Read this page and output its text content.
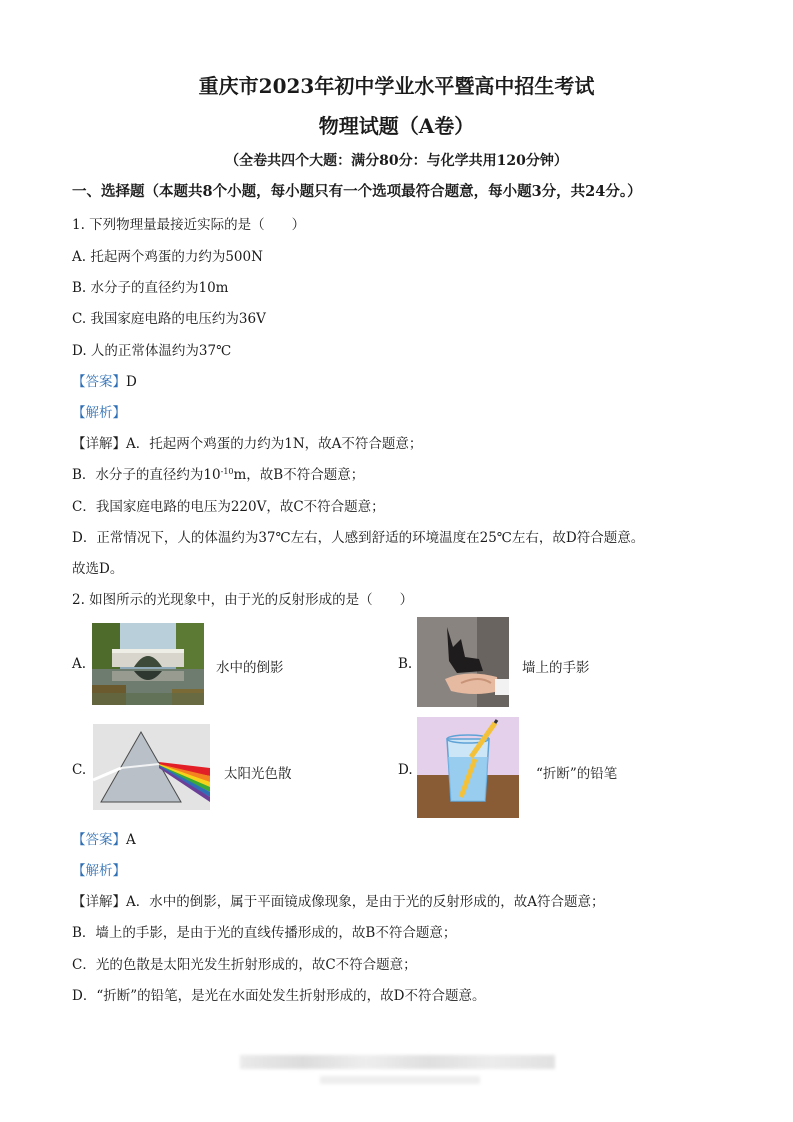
重庆市2023年初中学业水平暨高中招生考试
物理试题（A卷）
（全卷共四个大题：满分80分：与化学共用120分钟）
一、选择题（本题共8个小题，每小题只有一个选项最符合题意，每小题3分，共24分。）
1. 下列物理量最接近实际的是（　　）
A. 托起两个鸡蛋的力约为500N
B. 水分子的直径约为10m
C. 我国家庭电路的电压约为36V
D. 人的正常体温约为37℃
【答案】D
【解析】
【详解】A．托起两个鸡蛋的力约为1N，故A不符合题意；
B．水分子的直径约为$10^{-10}m$，故B不符合题意；
C．我国家庭电路的电压为220V，故C不符合题意；
D．正常情况下，人的体温约为37℃左右，人感到舒适的环境温度在25℃左右，故D符合题意。
故选D。
2. 如图所示的光现象中，由于光的反射形成的是（　　）
A.	水中的倒影	B.	墙上的手影
C.	太阳光色散	D.	“折断”的铅笔
【答案】A
【解析】
【详解】A．水中的倒影，属于平面镜成像现象，是由于光的反射形成的，故A符合题意；
B．墙上的手影，是由于光的直线传播形成的，故B不符合题意；
C．光的色散是太阳光发生折射形成的，故C不符合题意；
D．“折断”的铅笔，是光在水面处发生折射形成的，故D不符合题意。
